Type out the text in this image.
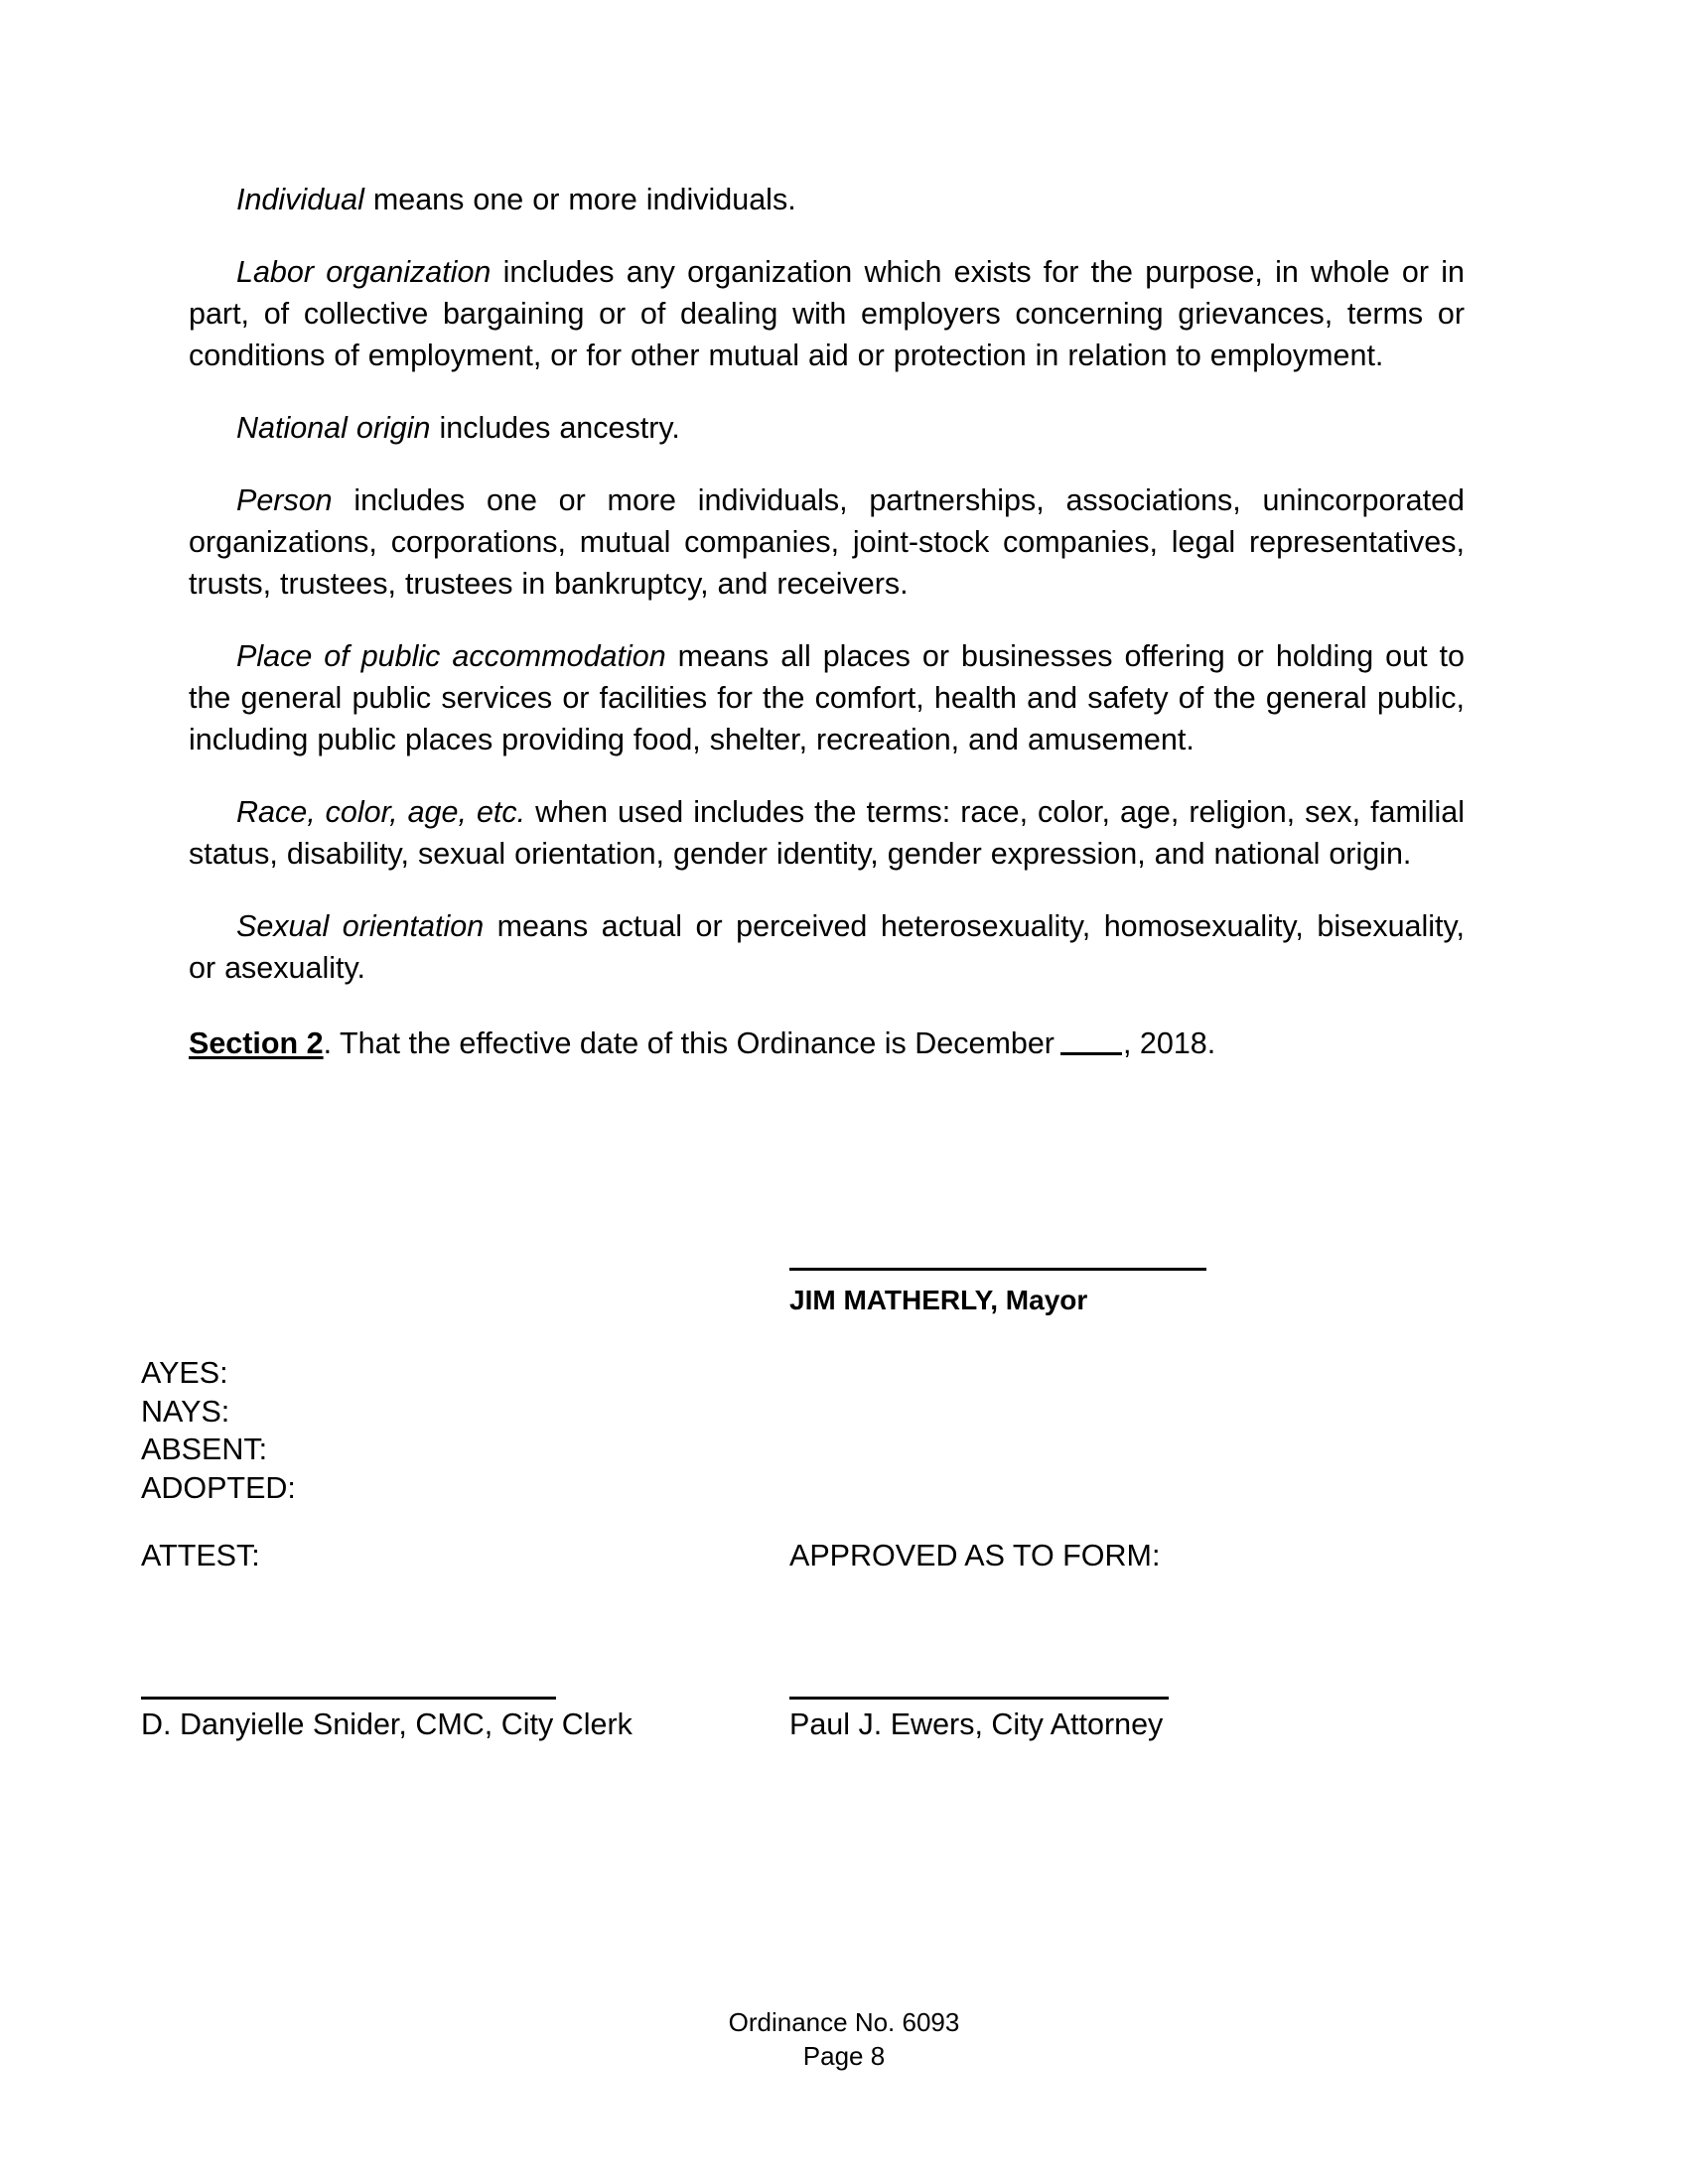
Individual means one or more individuals.

Labor organization includes any organization which exists for the purpose, in whole or in part, of collective bargaining or of dealing with employers concerning grievances, terms or conditions of employment, or for other mutual aid or protection in relation to employment.

National origin includes ancestry.

Person includes one or more individuals, partnerships, associations, unincorporated organizations, corporations, mutual companies, joint-stock companies, legal representatives, trusts, trustees, trustees in bankruptcy, and receivers.

Place of public accommodation means all places or businesses offering or holding out to the general public services or facilities for the comfort, health and safety of the general public, including public places providing food, shelter, recreation, and amusement.

Race, color, age, etc. when used includes the terms: race, color, age, religion, sex, familial status, disability, sexual orientation, gender identity, gender expression, and national origin.

Sexual orientation means actual or perceived heterosexuality, homosexuality, bisexuality, or asexuality.

Section 2. That the effective date of this Ordinance is December , 2018.

JIM MATHERLY, Mayor
AYES:
NAYS:
ABSENT:
ADOPTED:
ATTEST:	APPROVED AS TO FORM:
D. Danyielle Snider, CMC, City Clerk	Paul J. Ewers, City Attorney
Ordinance No. 6093
Page 8
